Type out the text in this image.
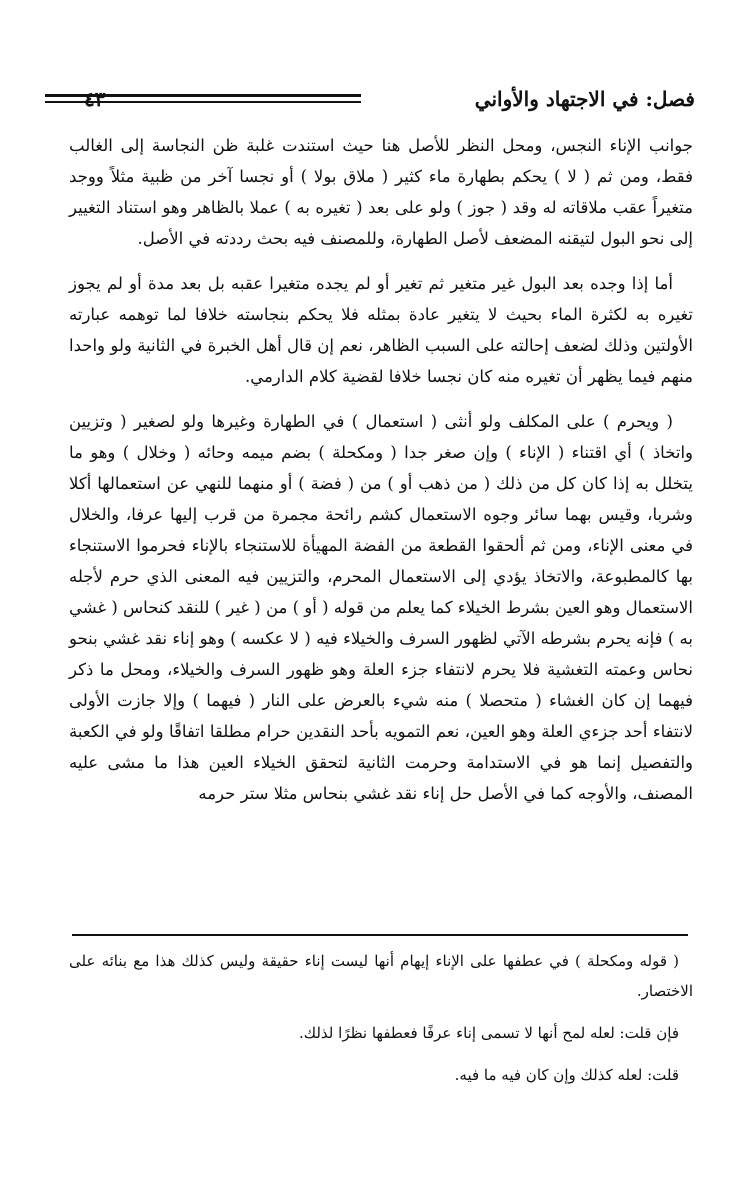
فصل: في الاجتهاد والأواني
٤٣

جوانب الإناء النجس، ومحل النظر للأصل هنا حيث استندت غلبة ظن النجاسة إلى الغالب فقط، ومن ثم ( لا ) يحكم بطهارة ماء كثير ( ملاق بولا ) أو نجسا آخر من ظبية مثلاً ووجد متغيراً عقب ملاقاته له وقد ( جوز ) ولو على بعد ( تغيره به ) عملا بالظاهر وهو استناد التغيير إلى نحو البول لتيقنه المضعف لأصل الطهارة، وللمصنف فيه بحث رددته في الأصل.

أما إذا وجده بعد البول غير متغير ثم تغير أو لم يجده متغيرا عقبه بل بعد مدة أو لم يجوز تغيره به لكثرة الماء بحيث لا يتغير عادة بمثله فلا يحكم بنجاسته خلافا لما توهمه عبارته الأولتين وذلك لضعف إحالته على السبب الظاهر، نعم إن قال أهل الخبرة في الثانية ولو واحدا منهم فيما يظهر أن تغيره منه كان نجسا خلافا لقضية كلام الدارمي.

( ويحرم ) على المكلف ولو أنثى ( استعمال ) في الطهارة وغيرها ولو لصغير ( وتزيين واتخاذ ) أي اقتناء ( الإناء ) وإن صغر جدا ( ومكحلة ) بضم ميمه وحائه ( وخلال ) وهو ما يتخلل به إذا كان كل من ذلك ( من ذهب أو ) من ( فضة ) أو منهما للنهي عن استعمالها أكلا وشربا، وقيس بهما سائر وجوه الاستعمال كشم رائحة مجمرة من قرب إليها عرفا، والخلال في معنى الإناء، ومن ثم ألحقوا القطعة من الفضة المهيأة للاستنجاء بالإناء فحرموا الاستنجاء بها كالمطبوعة، والاتخاذ يؤدي إلى الاستعمال المحرم، والتزيين فيه المعنى الذي حرم لأجله الاستعمال وهو العين بشرط الخيلاء كما يعلم من قوله ( أو ) من ( غير ) للنقد كنحاس ( غشي به ) فإنه يحرم بشرطه الآتي لظهور السرف والخيلاء فيه ( لا عكسه ) وهو إناء نقد غشي بنحو نحاس وعمته التغشية فلا يحرم لانتفاء جزء العلة وهو ظهور السرف والخيلاء، ومحل ما ذكر فيهما إن كان الغشاء ( متحصلا ) منه شيء بالعرض على النار ( فيهما ) وإلا جازت الأولى لانتفاء أحد جزءي العلة وهو العين، نعم التمويه بأحد النقدين حرام مطلقا اتفاقًا ولو في الكعبة والتفصيل إنما هو في الاستدامة وحرمت الثانية لتحقق الخيلاء العين هذا ما مشى عليه المصنف، والأوجه كما في الأصل حل إناء نقد غشي بنحاس مثلا ستر حرمه

( قوله ومكحلة ) في عطفها على الإناء إيهام أنها ليست إناء حقيقة وليس كذلك هذا مع بنائه على الاختصار.

فإن قلت: لعله لمح أنها لا تسمى إناء عرفًا فعطفها نظرًا لذلك.

قلت: لعله كذلك وإن كان فيه ما فيه.
